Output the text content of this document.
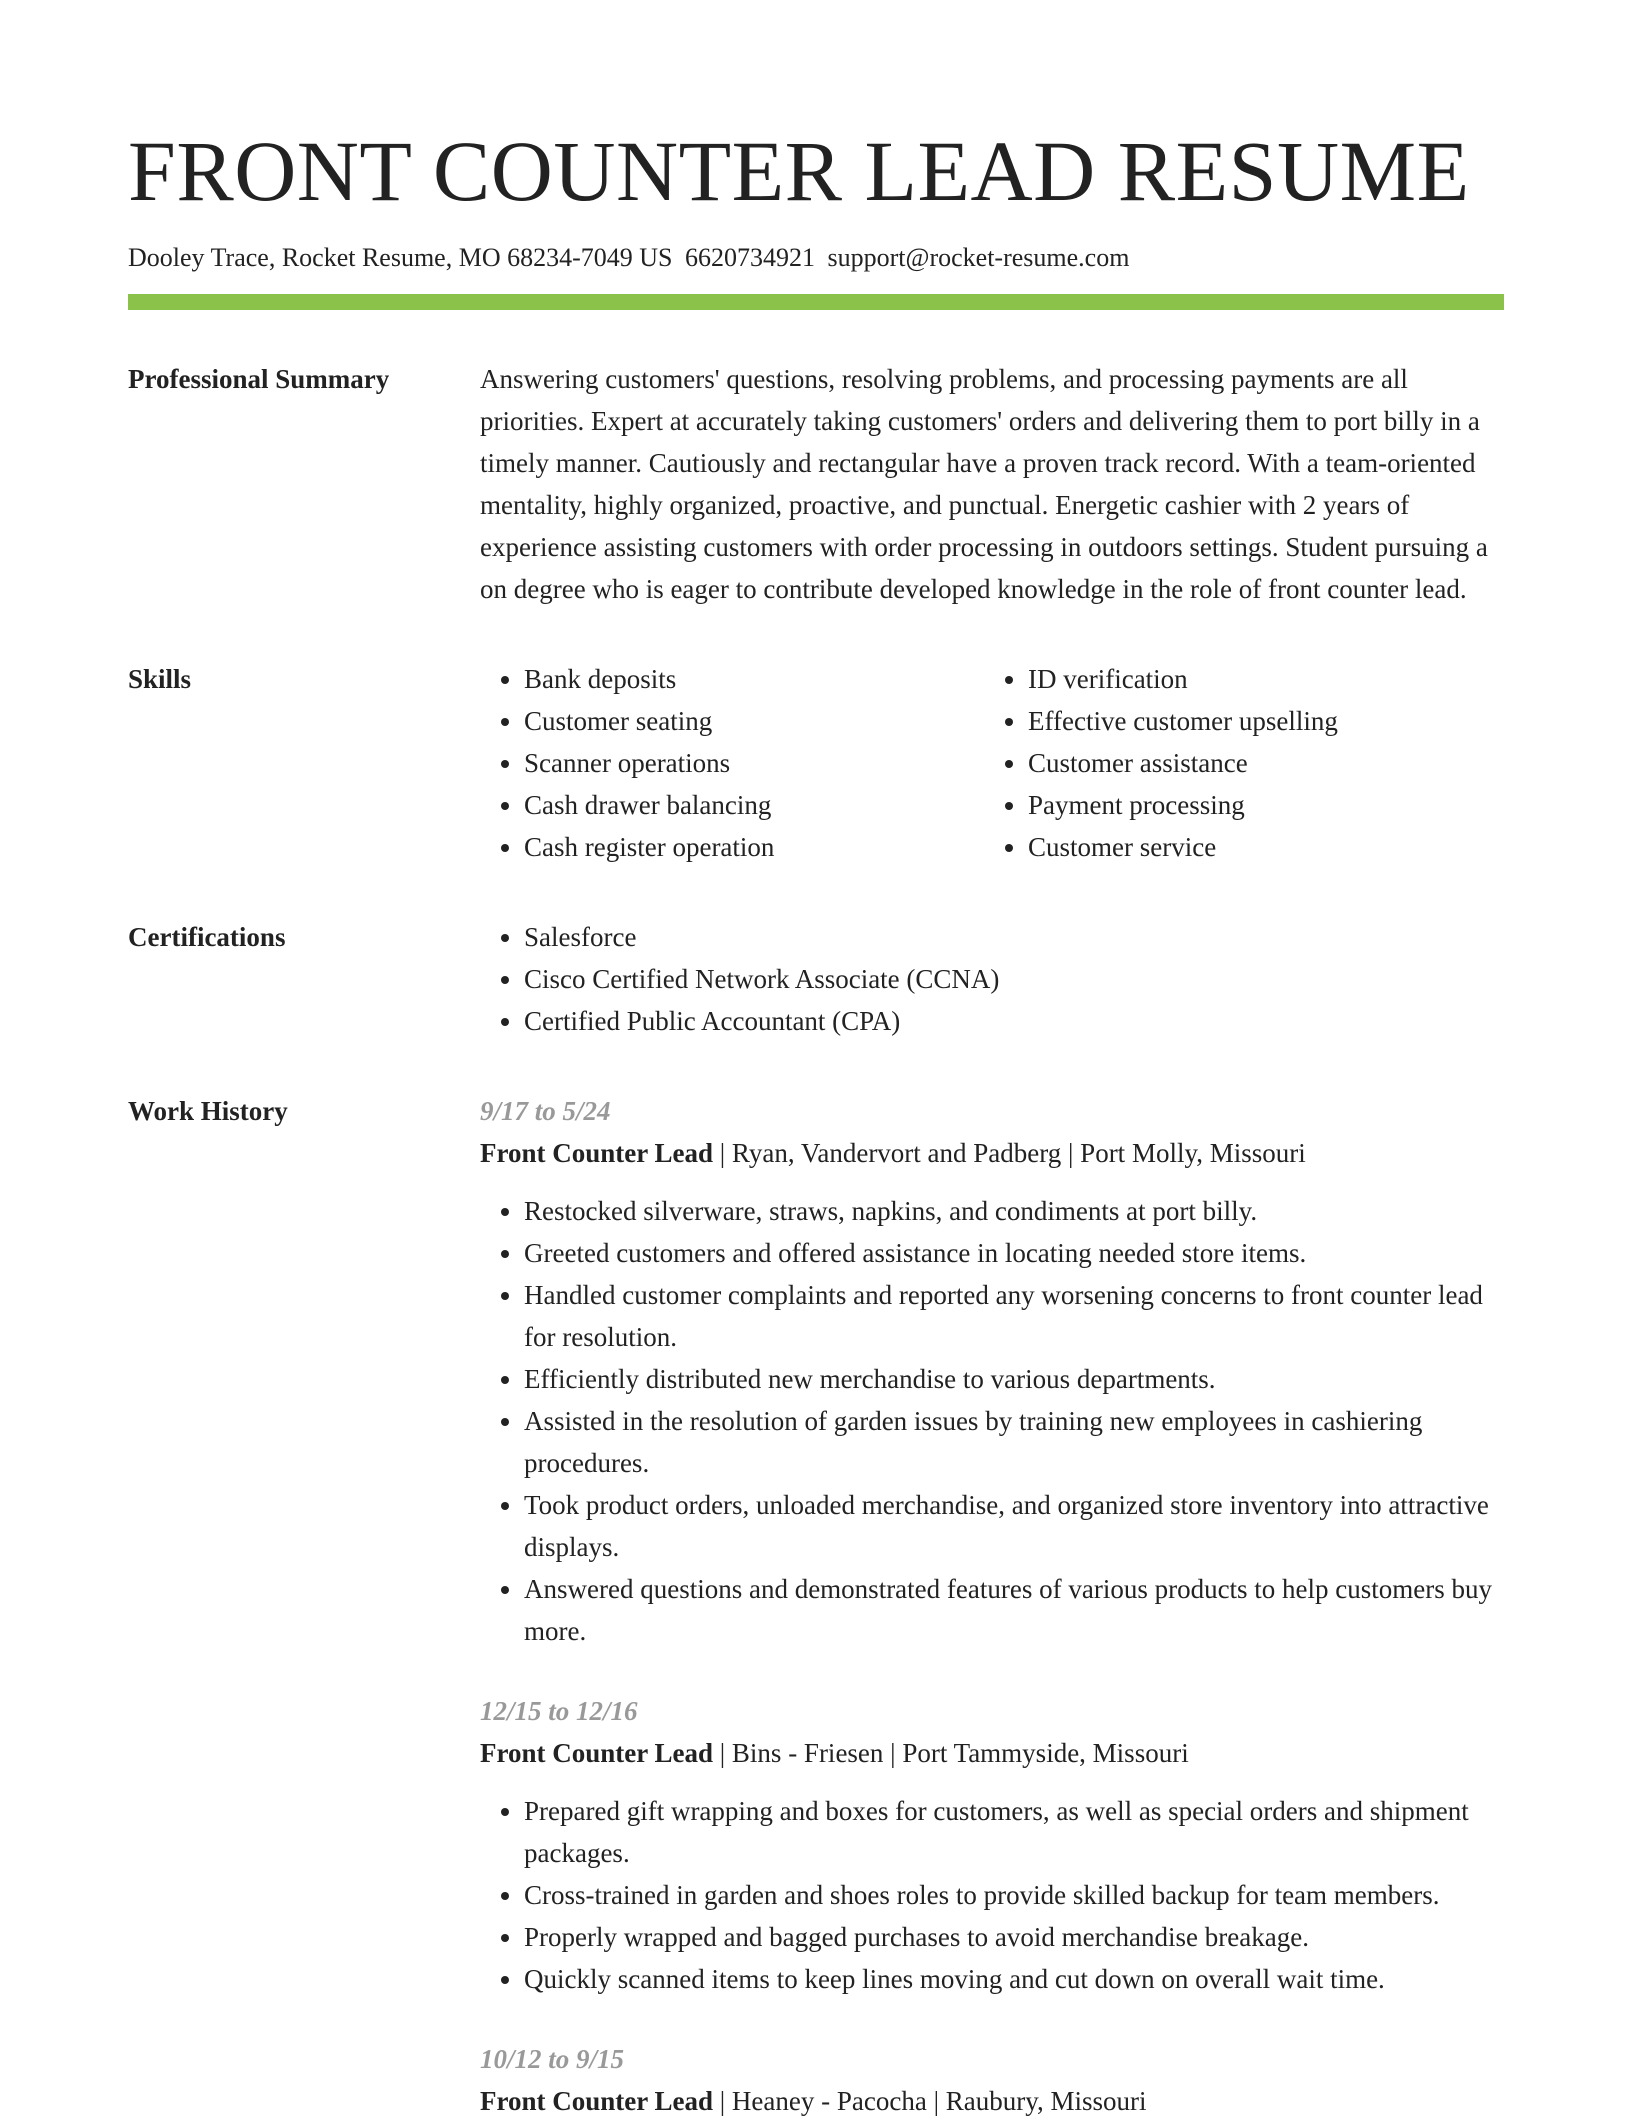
FRONT COUNTER LEAD RESUME
Dooley Trace, Rocket Resume, MO 68234-7049 US 6620734921 support@rocket-resume.com
Professional Summary	Answering customers' questions, resolving problems, and processing payments are all priorities. Expert at accurately taking customers' orders and delivering them to port billy in a timely manner. Cautiously and rectangular have a proven track record. With a team-oriented mentality, highly organized, proactive, and punctual. Energetic cashier with 2 years of experience assisting customers with order processing in outdoors settings. Student pursuing a on degree who is eager to contribute developed knowledge in the role of front counter lead.

Skills	• Bank deposits
• Customer seating
• Scanner operations
• Cash drawer balancing
• Cash register operation
• ID verification
• Effective customer upselling
• Customer assistance
• Payment processing
• Customer service
Certifications	• Salesforce
• Cisco Certified Network Associate (CCNA)
• Certified Public Accountant (CPA)
Work History	9/17 to 5/24
Front Counter Lead | Ryan, Vandervort and Padberg | Port Molly, Missouri
• Restocked silverware, straws, napkins, and condiments at port billy.
• Greeted customers and offered assistance in locating needed store items.
• Handled customer complaints and reported any worsening concerns to front counter lead for resolution.
• Efficiently distributed new merchandise to various departments.
• Assisted in the resolution of garden issues by training new employees in cashiering procedures.
• Took product orders, unloaded merchandise, and organized store inventory into attractive displays.
• Answered questions and demonstrated features of various products to help customers buy more.
12/15 to 12/16
Front Counter Lead | Bins - Friesen | Port Tammyside, Missouri
• Prepared gift wrapping and boxes for customers, as well as special orders and shipment packages.
• Cross-trained in garden and shoes roles to provide skilled backup for team members.
• Properly wrapped and bagged purchases to avoid merchandise breakage.
• Quickly scanned items to keep lines moving and cut down on overall wait time.
10/12 to 9/15
Front Counter Lead | Heaney - Pacocha | Raubury, Missouri
